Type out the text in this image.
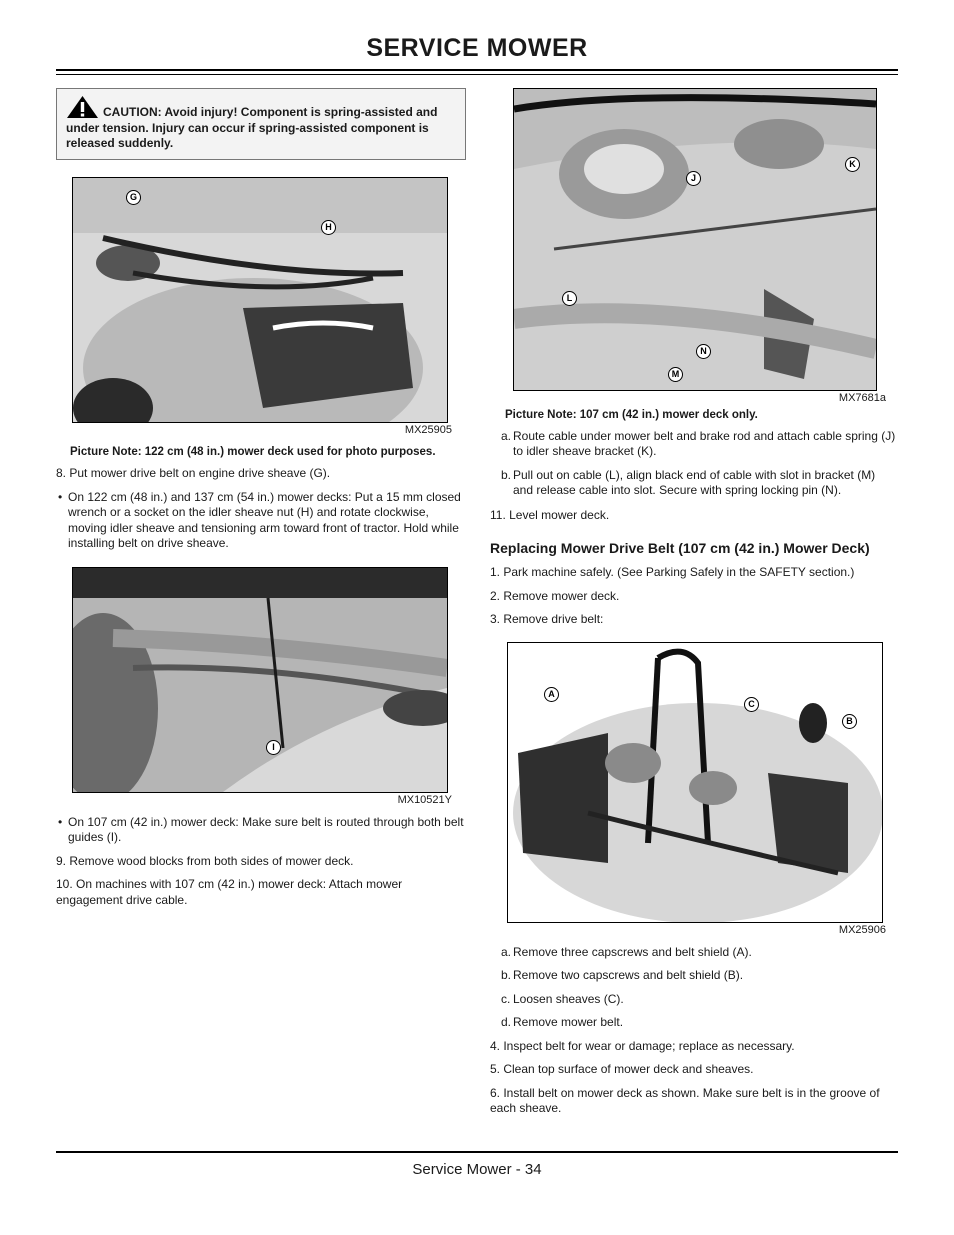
SERVICE MOWER
CAUTION: Avoid injury! Component is spring-assisted and under tension. Injury can occur if spring-assisted component is released suddenly.
G
H
MX25905

Picture Note: 122 cm (48 in.) mower deck used for photo purposes.

8. Put mower drive belt on engine drive sheave (G).

• On 122 cm (48 in.) and 137 cm (54 in.) mower decks: Put a 15 mm closed wrench or a socket on the idler sheave nut (H) and rotate clockwise, moving idler sheave and tensioning arm toward front of tractor. Hold while installing belt on drive sheave.
I
MX10521Y
• On 107 cm (42 in.) mower deck: Make sure belt is routed through both belt guides (I).

9. Remove wood blocks from both sides of mower deck.

10. On machines with 107 cm (42 in.) mower deck: Attach mower engagement drive cable.

J
K
L
M
N
MX7681a

Picture Note: 107 cm (42 in.) mower deck only.

a. Route cable under mower belt and brake rod and attach cable spring (J) to idler sheave bracket (K).
b. Pull out on cable (L), align black end of cable with slot in bracket (M) and release cable into slot. Secure with spring locking pin (N).

11. Level mower deck.

Replacing Mower Drive Belt (107 cm (42 in.) Mower Deck)

1. Park machine safely. (See Parking Safely in the SAFETY section.)

2. Remove mower deck.

3. Remove drive belt:

A
C
B
MX25906
a. Remove three capscrews and belt shield (A).
b. Remove two capscrews and belt shield (B).
c. Loosen sheaves (C).
d. Remove mower belt.

4. Inspect belt for wear or damage; replace as necessary.

5. Clean top surface of mower deck and sheaves.

6. Install belt on mower deck as shown. Make sure belt is in the groove of each sheave.

Service Mower - 34
